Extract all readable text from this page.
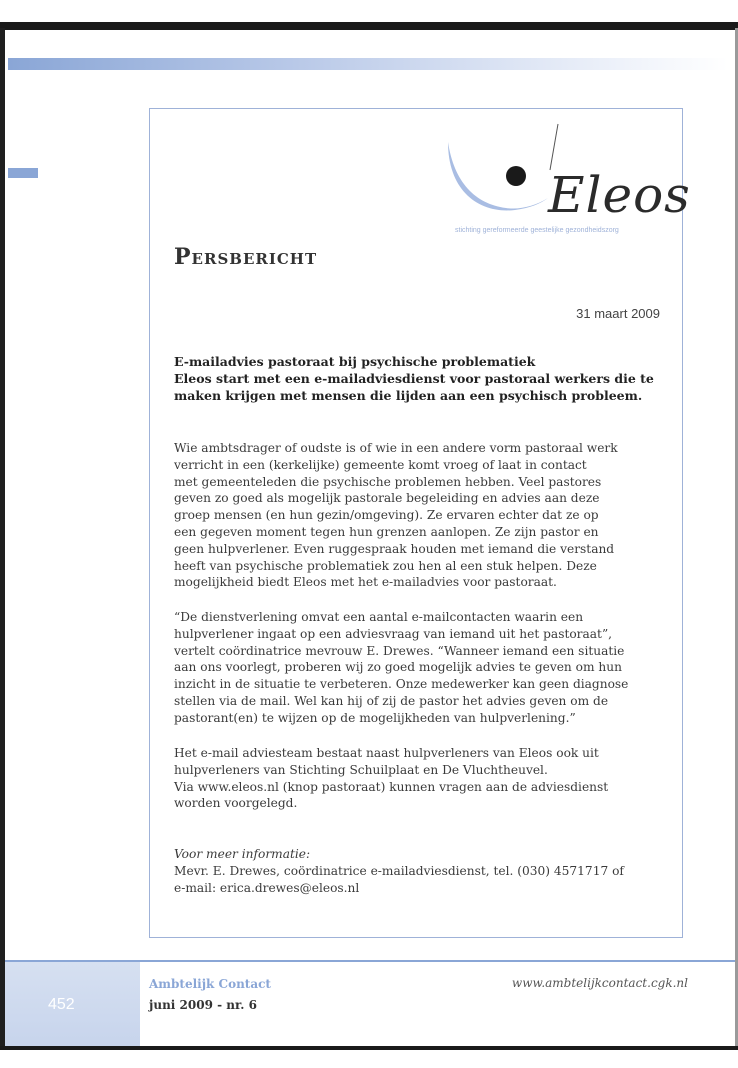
Eleos
stichting gereformeerde geestelijke gezondheidszorg
Persbericht
31 maart 2009
E-mailadvies pastoraat bij psychische problematiek
Eleos start met een e-mailadviesdienst voor pastoraal werkers die te
maken krijgen met mensen die lijden aan een psychisch probleem.
Wie ambtsdrager of oudste is of wie in een andere vorm pastoraal werk
verricht in een (kerkelijke) gemeente komt vroeg of laat in contact
met gemeenteleden die psychische problemen hebben. Veel pastores
geven zo goed als mogelijk pastorale begeleiding en advies aan deze
groep mensen (en hun gezin/omgeving). Ze ervaren echter dat ze op
een gegeven moment tegen hun grenzen aanlopen. Ze zijn pastor en
geen hulpverlener. Even ruggespraak houden met iemand die verstand
heeft van psychische problematiek zou hen al een stuk helpen. Deze
mogelijkheid biedt Eleos met het e-mailadvies voor pastoraat.
“De dienstverlening omvat een aantal e-mailcontacten waarin een
hulpverlener ingaat op een adviesvraag van iemand uit het pastoraat”,
vertelt coördinatrice mevrouw E. Drewes. “Wanneer iemand een situatie
aan ons voorlegt, proberen wij zo goed mogelijk advies te geven om hun
inzicht in de situatie te verbeteren. Onze medewerker kan geen diagnose
stellen via de mail. Wel kan hij of zij de pastor het advies geven om de
pastorant(en) te wijzen op de mogelijkheden van hulpverlening.”
Het e-mail adviesteam bestaat naast hulpverleners van Eleos ook uit
hulpverleners van Stichting Schuilplaat en De Vluchtheuvel.
Via www.eleos.nl (knop pastoraat) kunnen vragen aan de adviesdienst
worden voorgelegd.
Voor meer informatie:
Mevr. E. Drewes, coördinatrice e-mailadviesdienst, tel. (030) 4571717 of
e-mail: erica.drewes@eleos.nl
452
Ambtelijk Contact
juni 2009 - nr. 6
www.ambtelijkcontact.cgk.nl
